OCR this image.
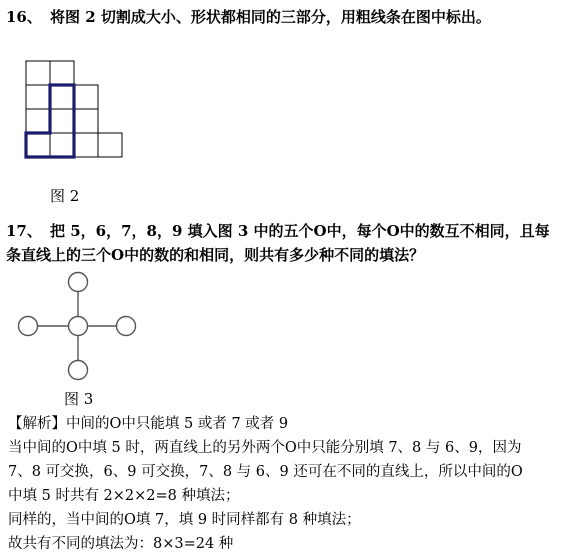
16、 将图 2 切割成大小、形状都相同的三部分，用粗线条在图中标出。
图 2
17、 把 5，6，7，8，9 填入图 3 中的五个O中，每个O中的数互不相同，且每
条直线上的三个O中的数的和相同，则共有多少种不同的填法？
图 3
【解析】中间的O中只能填 5 或者 7 或者 9
当中间的O中填 5 时，两直线上的另外两个O中只能分别填 7、8 与 6、9，因为
7、8 可交换，6、9 可交换，7、8 与 6、9 还可在不同的直线上，所以中间的O
中填 5 时共有 2×2×2=8 种填法；
同样的，当中间的O填 7，填 9 时同样都有 8 种填法；
故共有不同的填法为：8×3=24 种
